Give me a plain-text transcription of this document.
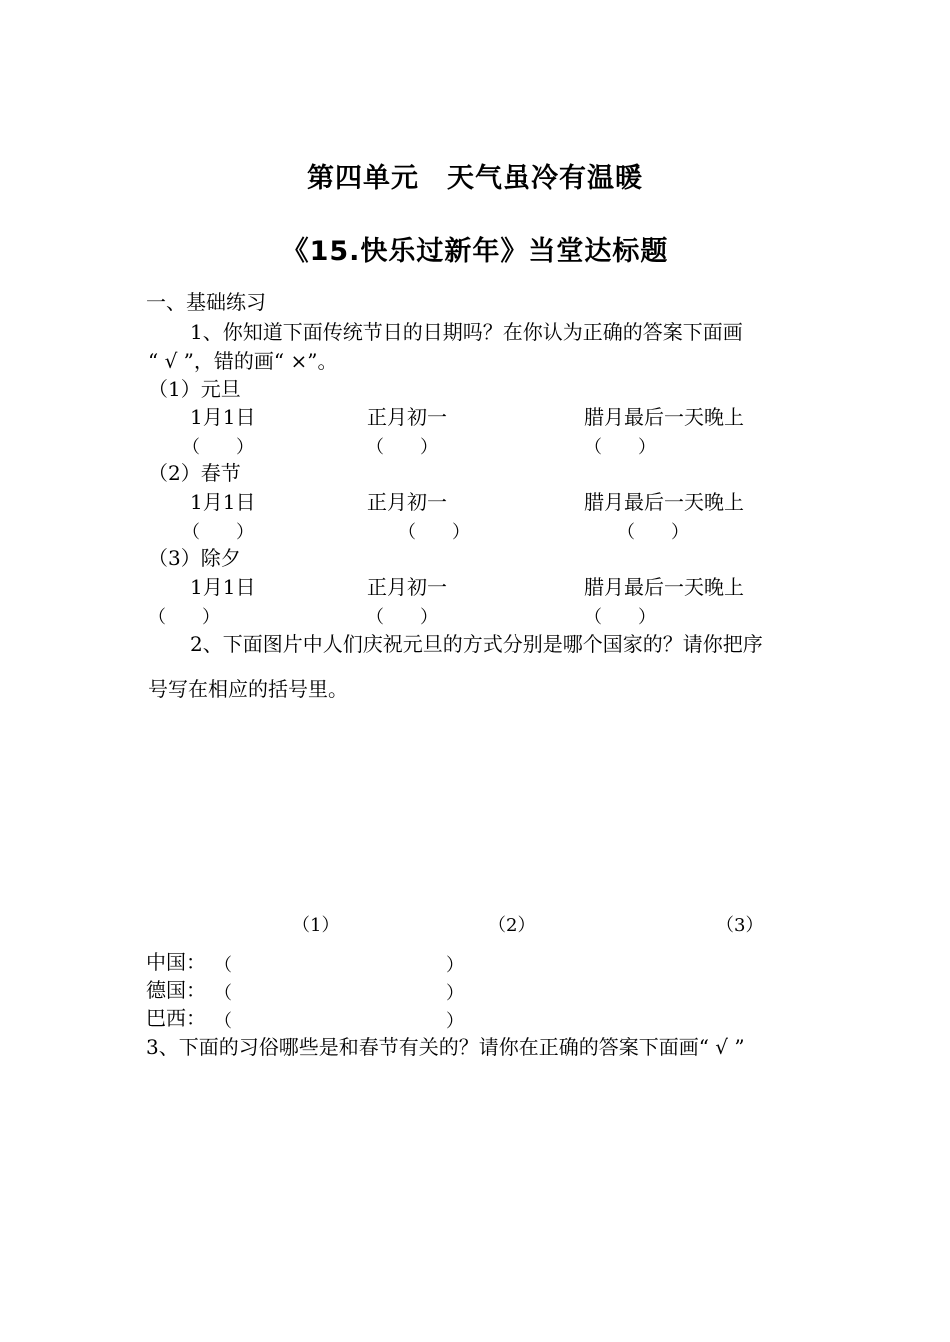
第四单元　天气虽冷有温暖
《15.快乐过新年》当堂达标题
一、基础练习
1、你知道下面传统节日的日期吗？在你认为正确的答案下面画
“ √ ”，错的画“ ×”。
（1）元旦
1月1日	正月初一	腊月最后一天晚上
（　　）	（　　）	（　　）
（2）春节
1月1日	正月初一	腊月最后一天晚上
（　　）	（　　）	（　　）
（3）除夕
1月1日	正月初一	腊月最后一天晚上
（　　）	（　　）	（　　）
2、下面图片中人们庆祝元旦的方式分别是哪个国家的？请你把序
号写在相应的括号里。
（1）	（2）	（3）
中国： （	）
德国： （	）
巴西： （	）
3、下面的习俗哪些是和春节有关的？请你在正确的答案下面画“ √ ”
